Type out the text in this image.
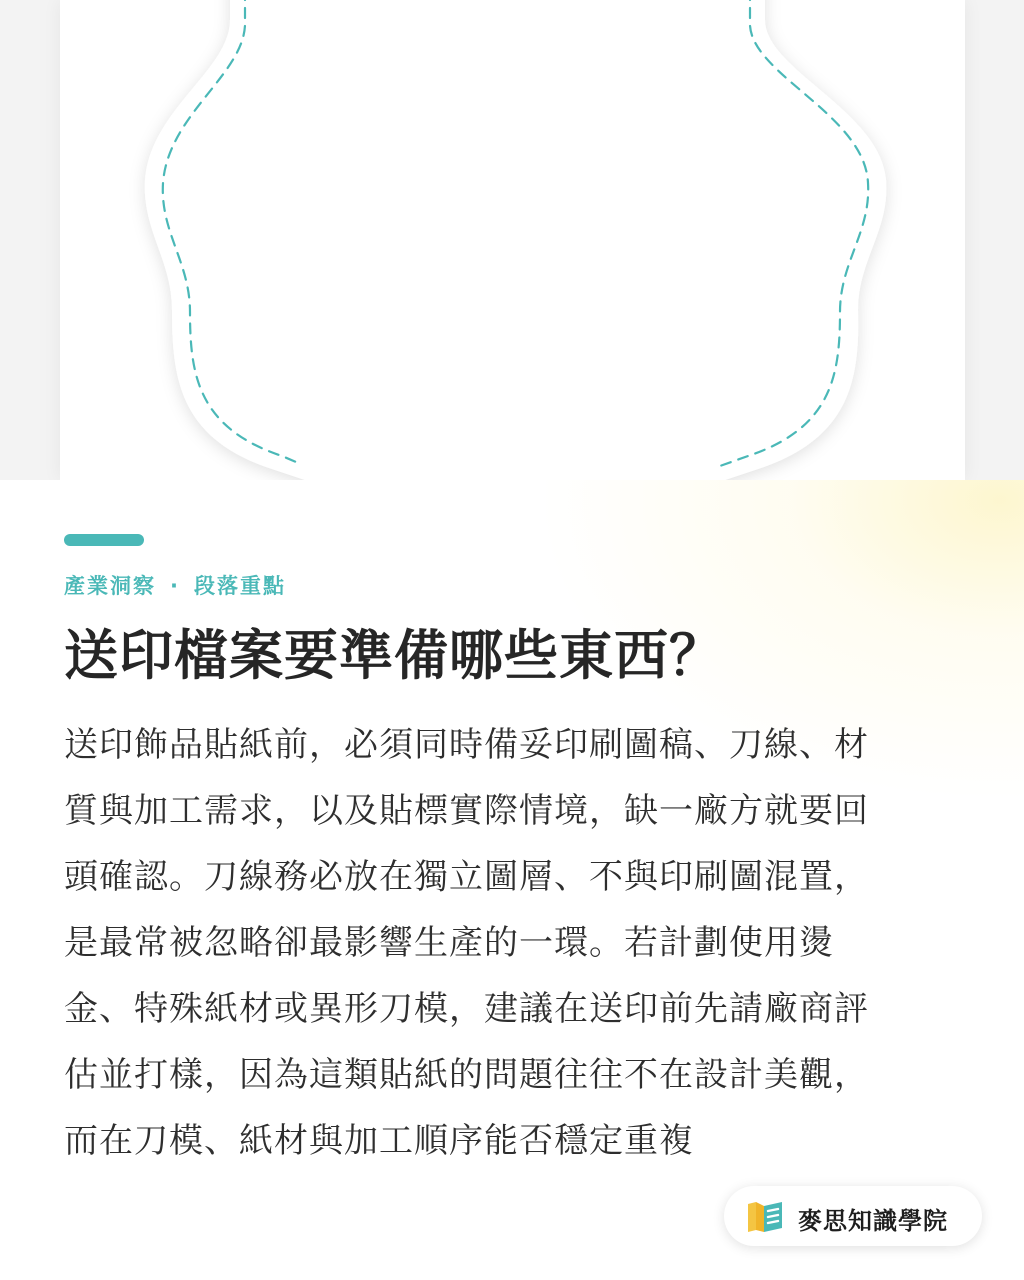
產業洞察 · 段落重點
送印檔案要準備哪些東西？
送印飾品貼紙前，必須同時備妥印刷圖稿、刀線、材
質與加工需求，以及貼標實際情境，缺一廠方就要回
頭確認。刀線務必放在獨立圖層、不與印刷圖混置，
是最常被忽略卻最影響生產的一環。若計劃使用燙
金、特殊紙材或異形刀模，建議在送印前先請廠商評
估並打樣，因為這類貼紙的問題往往不在設計美觀，
而在刀模、紙材與加工順序能否穩定重複
麥思知識學院
